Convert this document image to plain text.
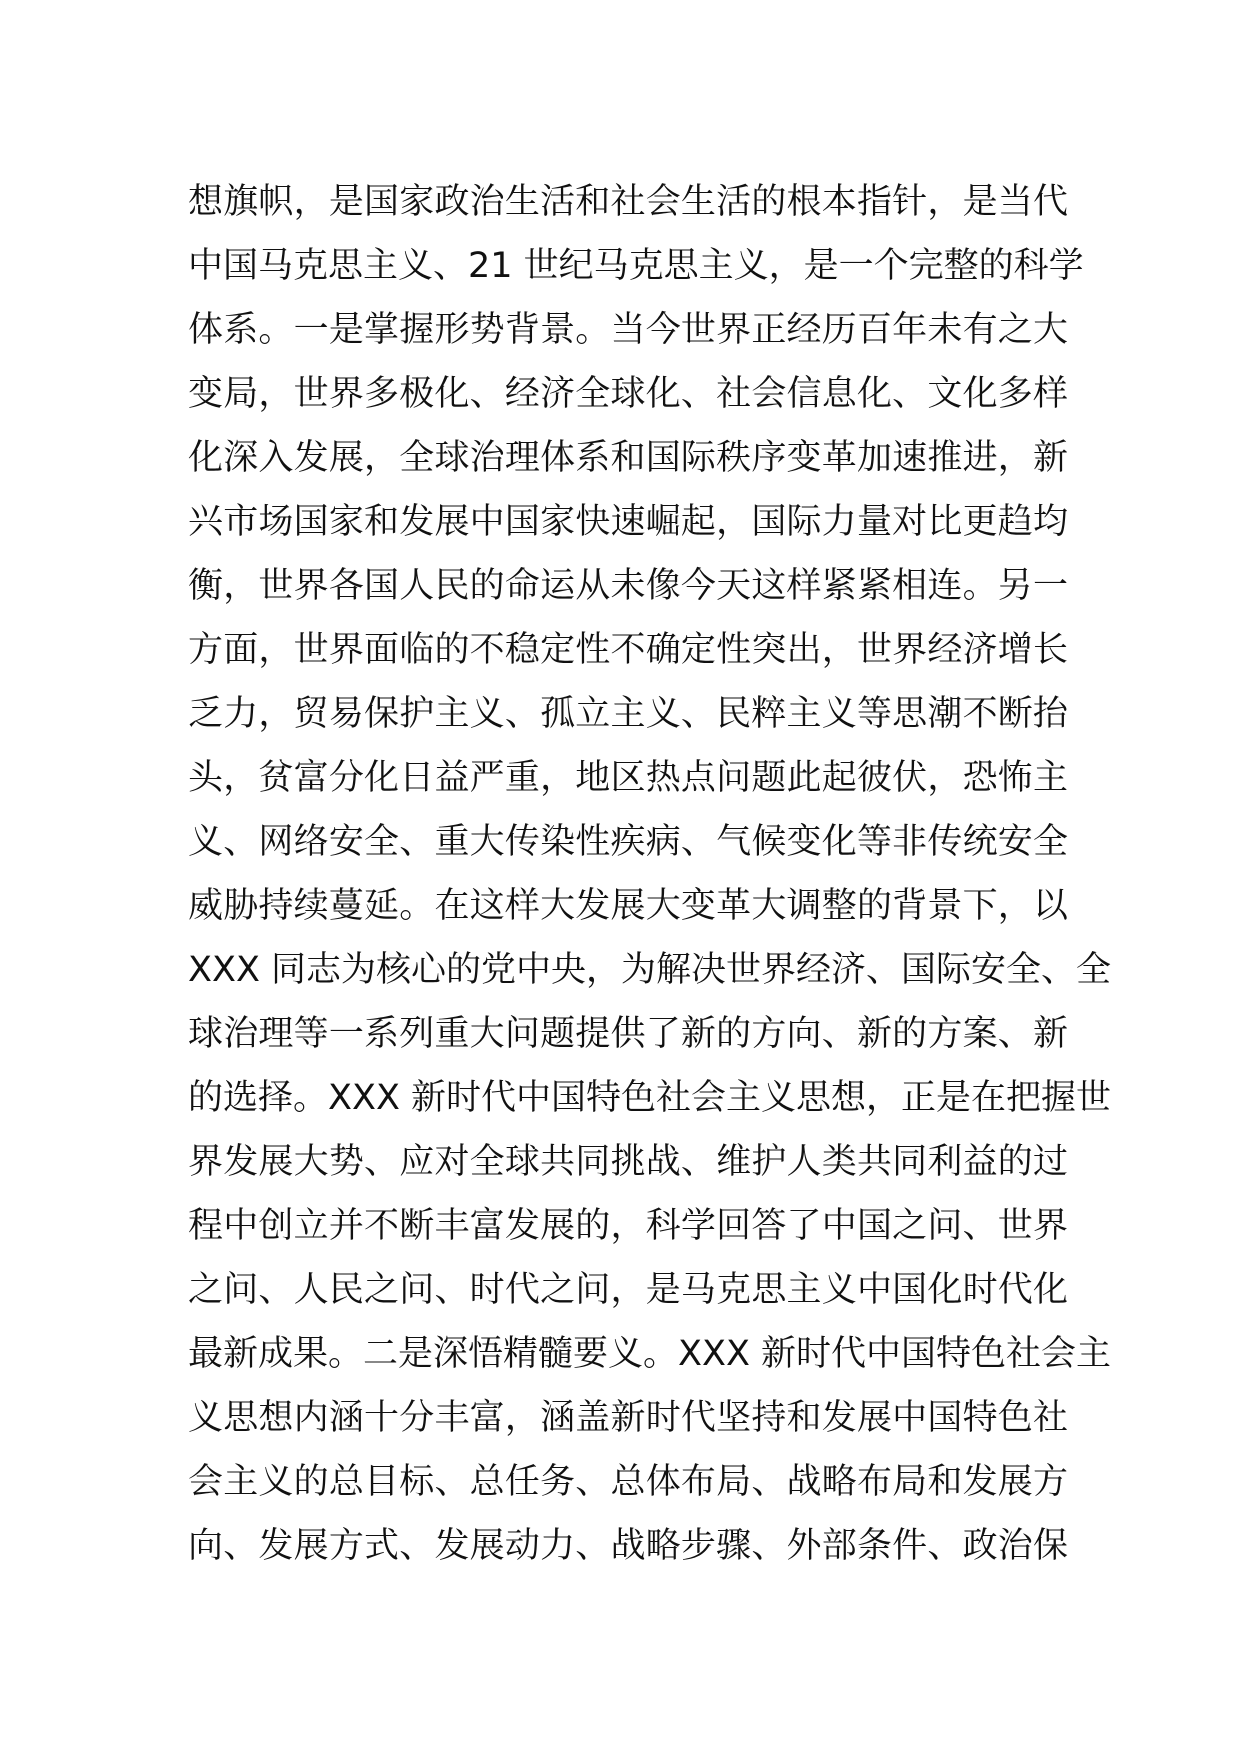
想旗帜，是国家政治生活和社会生活的根本指针，是当代
中国马克思主义、21 世纪马克思主义，是一个完整的科学
体系。一是掌握形势背景。当今世界正经历百年未有之大
变局，世界多极化、经济全球化、社会信息化、文化多样
化深入发展，全球治理体系和国际秩序变革加速推进，新
兴市场国家和发展中国家快速崛起，国际力量对比更趋均
衡，世界各国人民的命运从未像今天这样紧紧相连。另一
方面，世界面临的不稳定性不确定性突出，世界经济增长
乏力，贸易保护主义、孤立主义、民粹主义等思潮不断抬
头，贫富分化日益严重，地区热点问题此起彼伏，恐怖主
义、网络安全、重大传染性疾病、气候变化等非传统安全
威胁持续蔓延。在这样大发展大变革大调整的背景下，以
XXX 同志为核心的党中央，为解决世界经济、国际安全、全
球治理等一系列重大问题提供了新的方向、新的方案、新
的选择。XXX 新时代中国特色社会主义思想，正是在把握世
界发展大势、应对全球共同挑战、维护人类共同利益的过
程中创立并不断丰富发展的，科学回答了中国之问、世界
之问、人民之问、时代之问，是马克思主义中国化时代化
最新成果。二是深悟精髓要义。XXX 新时代中国特色社会主
义思想内涵十分丰富，涵盖新时代坚持和发展中国特色社
会主义的总目标、总任务、总体布局、战略布局和发展方
向、发展方式、发展动力、战略步骤、外部条件、政治保
